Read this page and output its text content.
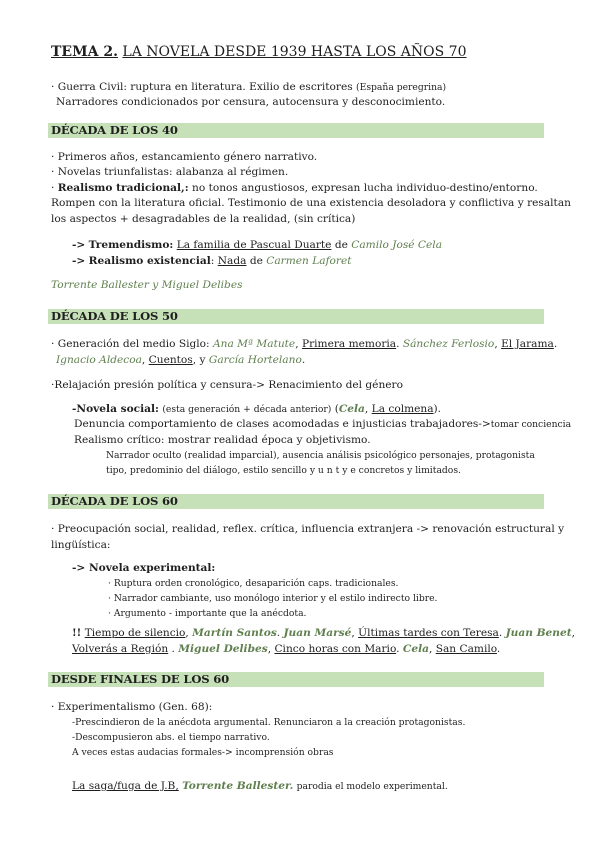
TEMA 2. LA NOVELA DESDE 1939 HASTA LOS AÑOS 70
· Guerra Civil: ruptura en literatura. Exilio de escritores (España peregrina)
Narradores condicionados por censura, autocensura y desconocimiento.
DÉCADA DE LOS 40
· Primeros años, estancamiento género narrativo.
· Novelas triunfalistas: alabanza al régimen.
· Realismo tradicional,: no tonos angustiosos, expresan lucha individuo-destino/entorno.
Rompen con la literatura oficial. Testimonio de una existencia desoladora y conflictiva y resaltan
los aspectos + desagradables de la realidad, (sin crítica)
-> Tremendismo: La familia de Pascual Duarte de Camilo José Cela
-> Realismo existencial: Nada de Carmen Laforet
Torrente Ballester y Miguel Delibes
DÉCADA DE LOS 50
· Generación del medio Siglo: Ana Mª Matute, Primera memoria. Sánchez Ferlosio, El Jarama.
Ignacio Aldecoa, Cuentos, y García Hortelano.
·Relajación presión política y censura-> Renacimiento del género
-Novela social: (esta generación + década anterior) (Cela, La colmena).
Denuncia comportamiento de clases acomodadas e injusticias trabajadores->tomar conciencia
Realismo crítico: mostrar realidad época y objetivismo.
Narrador oculto (realidad imparcial), ausencia análisis psicológico personajes, protagonista
tipo, predominio del diálogo, estilo sencillo y u n t y e concretos y limitados.
DÉCADA DE LOS 60
· Preocupación social, realidad, reflex. crítica, influencia extranjera -> renovación estructural y
lingüística:
-> Novela experimental:
· Ruptura orden cronológico, desaparición caps. tradicionales.
· Narrador cambiante, uso monólogo interior y el estilo indirecto libre.
· Argumento - importante que la anécdota.
!! Tiempo de silencio, Martín Santos. Juan Marsé, Últimas tardes con Teresa. Juan Benet,
Volverás a Región . Miguel Delibes, Cinco horas con Mario. Cela, San Camilo.
DESDE FINALES DE LOS 60
· Experimentalismo (Gen. 68):
-Prescindieron de la anécdota argumental. Renunciaron a la creación protagonistas.
-Descompusieron abs. el tiempo narrativo.
A veces estas audacias formales-> incomprensión obras
La saga/fuga de J.B, Torrente Ballester. parodia el modelo experimental.
